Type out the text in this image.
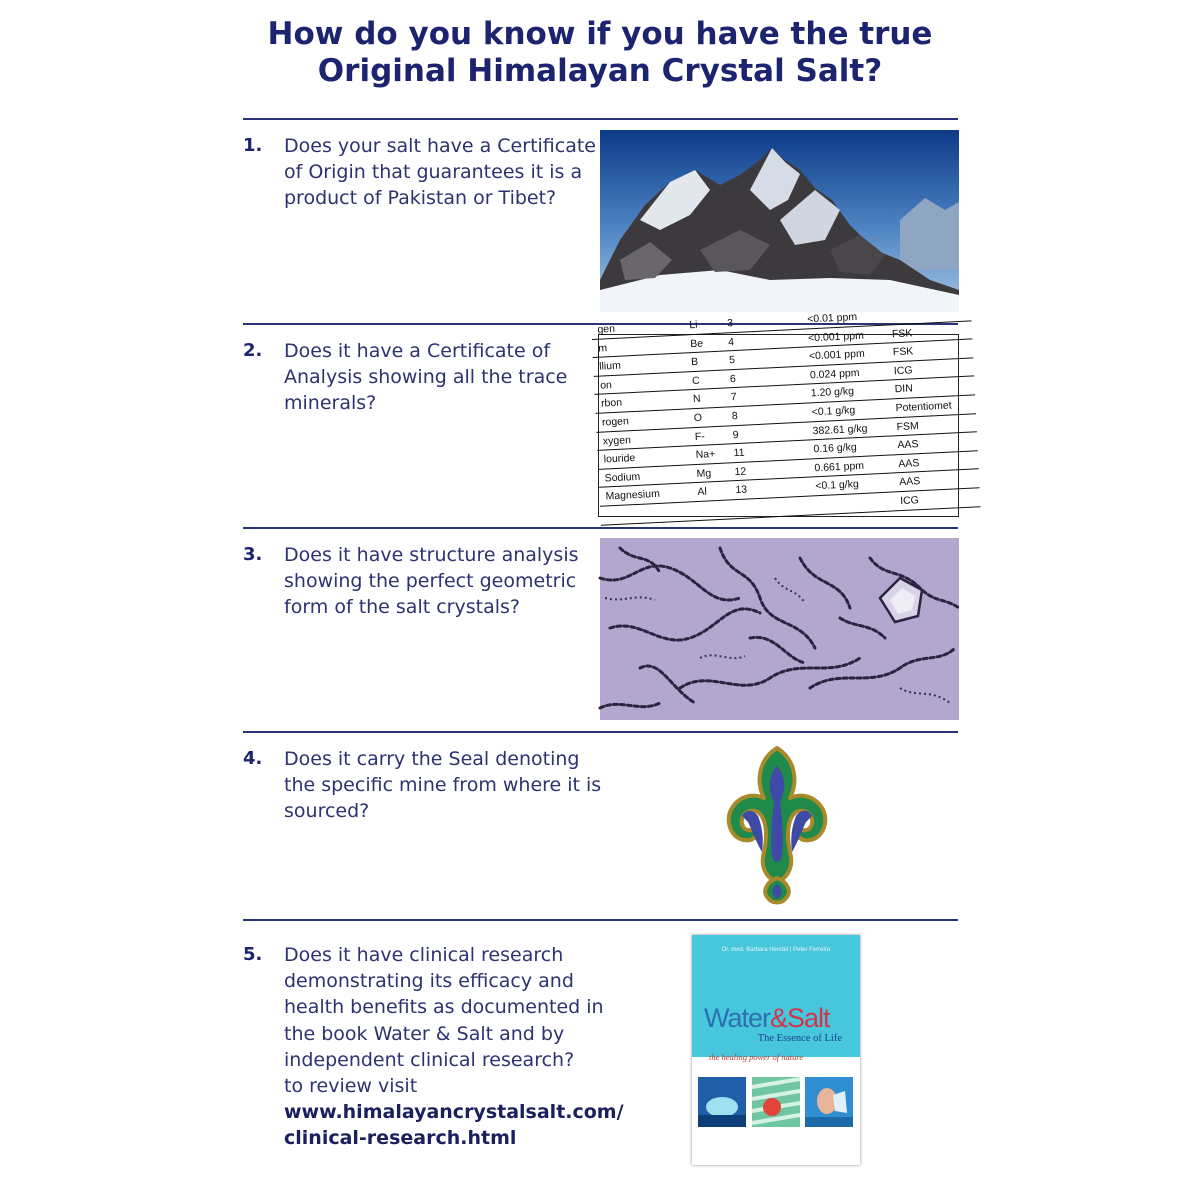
How do you know if you have the true
Original Himalayan Crystal Salt?
1. Does your salt have a Certificate of Origin that guarantees it is a product of Pakistan or Tibet?
2. Does it have a Certificate of Analysis showing all the trace minerals?
gen	Li	3	<0.01 ppm
m	Be 4	<0.001 ppm	FSK
llium	B	5	<0.001 ppm	FSK
on	C	6	0.024 ppm	ICG
rbon	N	7	1.20 g/kg	DIN
rogen	O	8	<0.1 g/kg	Potentiomet
xygen	F-	9	382.61 g/kg	FSM
louride	Na+ 11	0.16 g/kg	AAS
Sodium	Mg 12	0.661 ppm	AAS
Magnesium	Al	13	<0.1 g/kg	AAS
ICG
3. Does it have structure analysis showing the perfect geometric form of the salt crystals?
4. Does it carry the Seal denoting the specific mine from where it is sourced?
5. Does it have clinical research demonstrating its efficacy and health benefits as documented in the book Water & Salt and by independent clinical research?
to review visit
www.himalayancrystalsalt.com/
clinical-research.html
Dr. med. Barbara Hendel | Peter Ferreira
Water&Salt
The Essence of Life
the healing power of nature
